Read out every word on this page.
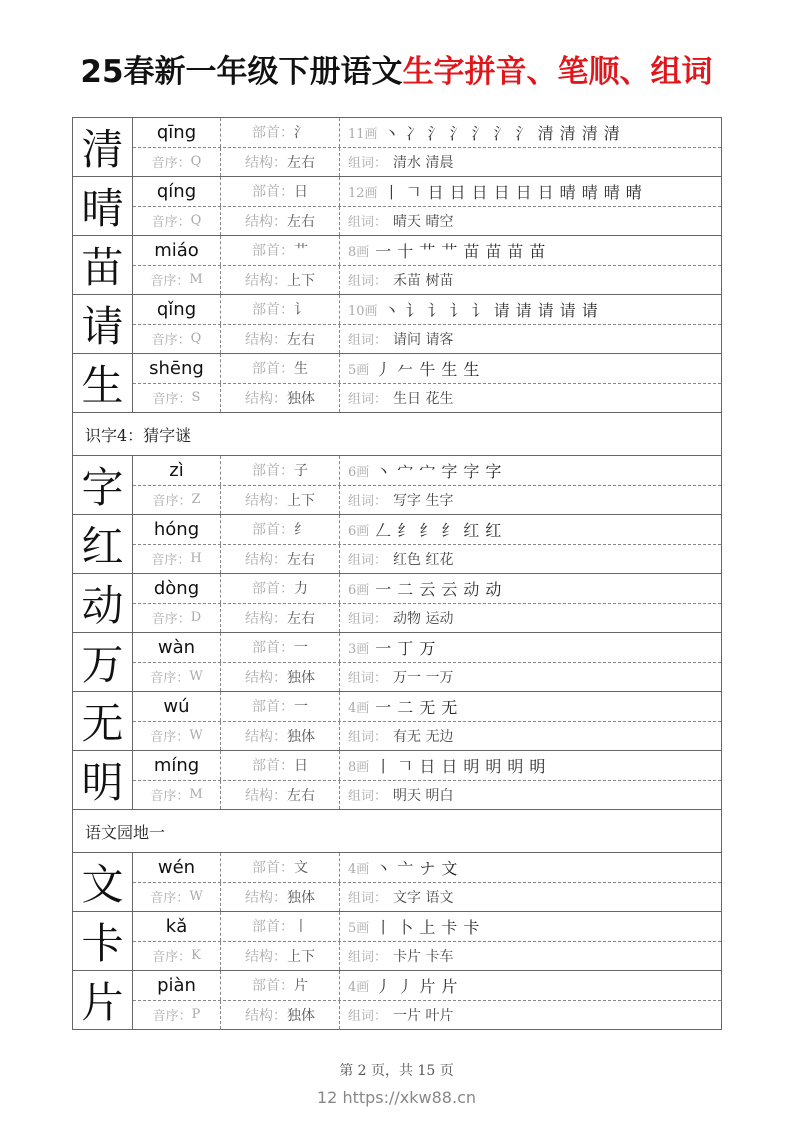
25春新一年级下册语文生字拼音、笔顺、组词
清	qīng	部首： 氵	11画 丶 冫 氵 氵 氵 氵 氵 清 清 清 清
音序： Q	结构： 左右	组词： 清水 清晨
晴	qíng	部首： 日	12画 丨 𠃍 日 日 日 日 日 日 晴 晴 晴 晴
音序： Q	结构： 左右	组词： 晴天 晴空
苗	miáo	部首： 艹	8画 一 十 艹 艹 苗 苗 苗 苗
音序： M	结构： 上下	组词： 禾苗 树苗
请	qǐng	部首： 讠	10画 丶 讠 讠 讠 讠 请 请 请 请 请
音序： Q	结构： 左右	组词： 请问 请客
生	shēng	部首： 生	5画 丿 𠂉 牛 生 生
音序： S	结构： 独体	组词： 生日 花生
识字4：猜字谜
字	zì	部首： 子	6画 丶 宀 宀 字 字 字
音序： Z	结构： 上下	组词： 写字 生字
红	hóng	部首： 纟	6画 𠃋 纟 纟 纟 红 红
音序： H	结构： 左右	组词： 红色 红花
动	dòng	部首： 力	6画 一 二 云 云 动 动
音序： D	结构： 左右	组词： 动物 运动
万	wàn	部首： 一	3画 一 丁 万
音序： W	结构： 独体	组词： 万一 一万
无	wú	部首： 一	4画 一 二 无 无
音序： W	结构： 独体	组词： 有无 无边
明	míng	部首： 日	8画 丨 𠃍 日 日 明 明 明 明
音序： M	结构： 左右	组词： 明天 明白
语文园地一
文	wén	部首： 文	4画 丶 亠 ナ 文
音序： W	结构： 独体	组词： 文字 语文
卡	kǎ	部首： 丨	5画 丨 卜 上 卡 卡
音序： K	结构： 上下	组词： 卡片 卡车
片	piàn	部首： 片	4画 丿 丿 片 片
音序： P	结构： 独体	组词： 一片 叶片
第 2 页，共 15 页
12 https://xkw88.cn
